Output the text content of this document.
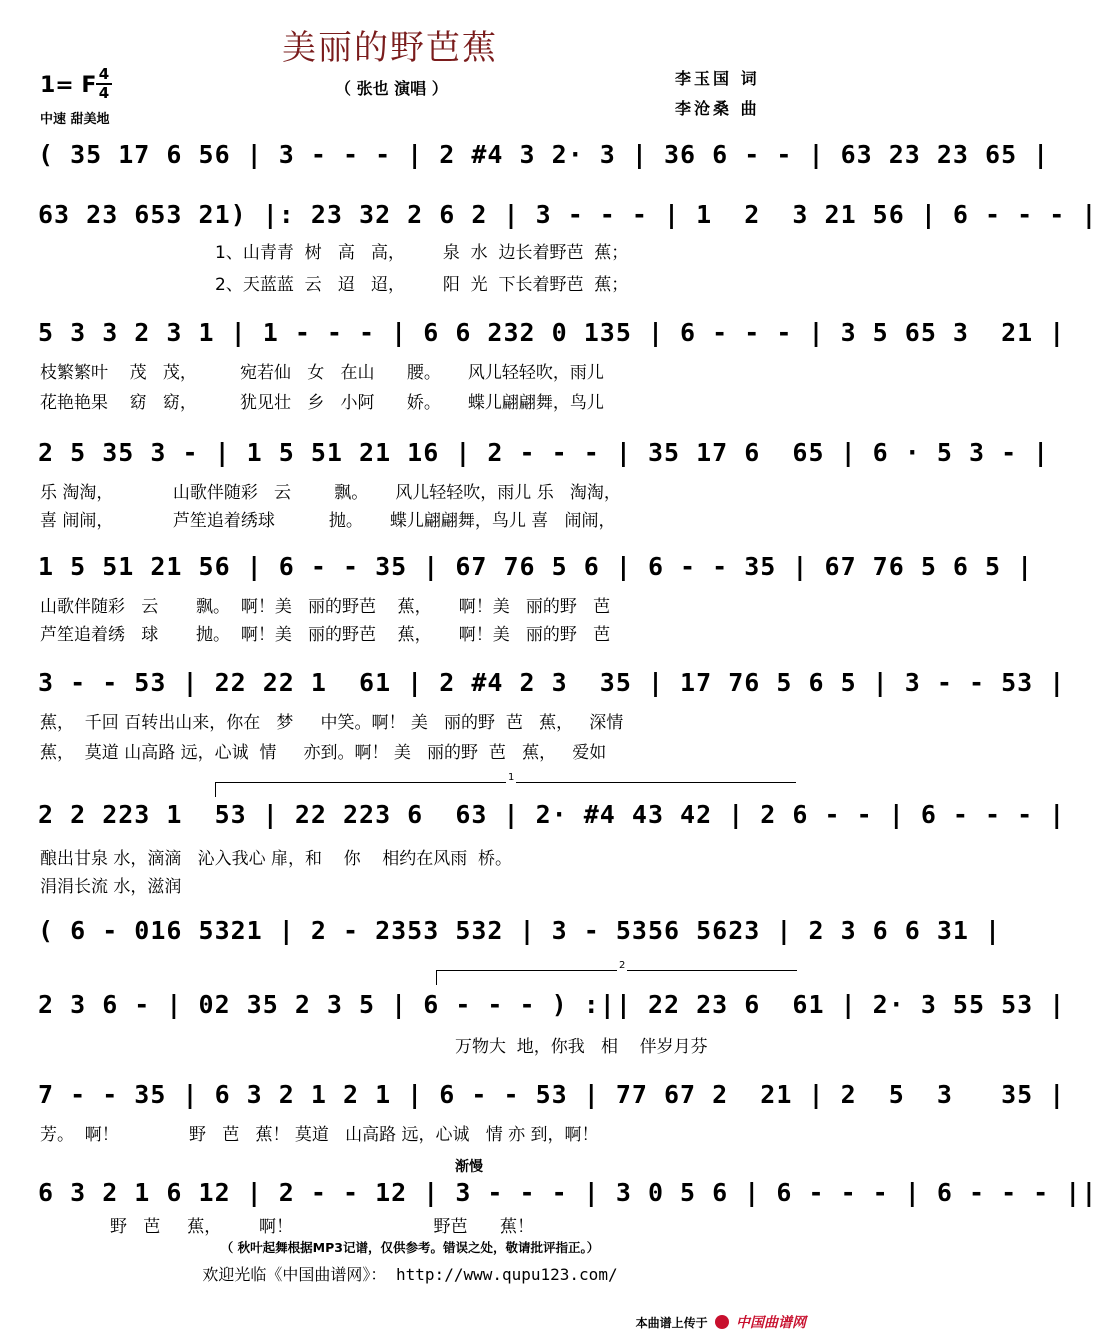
美丽的野芭蕉
（ 张也 演唱 ）
李玉国 词
李沧桑 曲
1= F 4
4
中速 甜美地
( 35 17 6 56 | 3 - - - | 2 #4 3 2· 3 | 36 6 - - | 63 23 23 65 |
63 23 653 21) |: 23 32 2 6 2 | 3 - - - | 1  2  3 21 56 | 6 - - - |
1、山青青  树   高   高，       泉  水  边长着野芭  蕉；
2、天蓝蓝  云   迢   迢，       阳  光  下长着野芭  蕉；
5 3 3 2 3 1 | 1 - - - | 6 6 232 0 135 | 6 - - - | 3 5 65 3  21 |
枝繁繁叶    茂   茂，        宛若仙   女   在山      腰。     风儿轻轻吹，雨儿
花艳艳果    窈   窈，        犹见壮   乡   小阿      娇。     蝶儿翩翩舞，鸟儿
2 5 35 3 - | 1 5 51 21 16 | 2 - - - | 35 17 6  65 | 6 · 5 3 - |
乐 淘淘，           山歌伴随彩   云        飘。     风儿轻轻吹，雨儿 乐   淘淘，
喜 闹闹，           芦笙追着绣球          抛。     蝶儿翩翩舞，鸟儿 喜   闹闹，
1 5 51 21 56 | 6 - - 35 | 67 76 5 6 | 6 - - 35 | 67 76 5 6 5 |
山歌伴随彩   云       飘。  啊！美   丽的野芭    蕉，     啊！美   丽的野   芭
芦笙追着绣   球       抛。  啊！美   丽的野芭    蕉，     啊！美   丽的野   芭
3 - - 53 | 22 22 1  61 | 2 #4 2 3  35 | 17 76 5 6 5 | 3 - - 53 |
蕉，  千回 百转出山来，你在   梦     中笑。啊！ 美   丽的野  芭   蕉，   深情
蕉，  莫道 山高路 远，心诚  情     亦到。啊！ 美   丽的野  芭   蕉，   爱如
1
2 2 223 1  53 | 22 223 6  63 | 2· #4 43 42 | 2 6 - - | 6 - - - |
酿出甘泉 水，滴滴   沁入我心 扉，和    你    相约在风雨  桥。
涓涓长流 水，滋润
( 6 - 016 5321 | 2 - 2353 532 | 3 - 5356 5623 | 2 3 6 6 31 |
2
2 3 6 - | 02 35 2 3 5 | 6 - - - ) :|| 22 23 6  61 | 2· 3 55 53 |
万物大  地，你我   相    伴岁月芬
7 - - 35 | 6 3 2 1 2 1 | 6 - - 53 | 77 67 2  21 | 2  5  3   35 |
芳。  啊！             野   芭   蕉！ 莫道   山高路 远，心诚   情 亦 到，啊！
渐慢
6 3 2 1 6 12 | 2 - - 12 | 3 - - - | 3 0 5 6 | 6 - - - | 6 - - - ||
野   芭     蕉，       啊！                          野芭      蕉！
（ 秋叶起舞根据MP3记谱，仅供参考。错误之处，敬请批评指正。）
欢迎光临《中国曲谱网》： http://www.qupu123.com/
本曲谱上传于 中国曲谱网
